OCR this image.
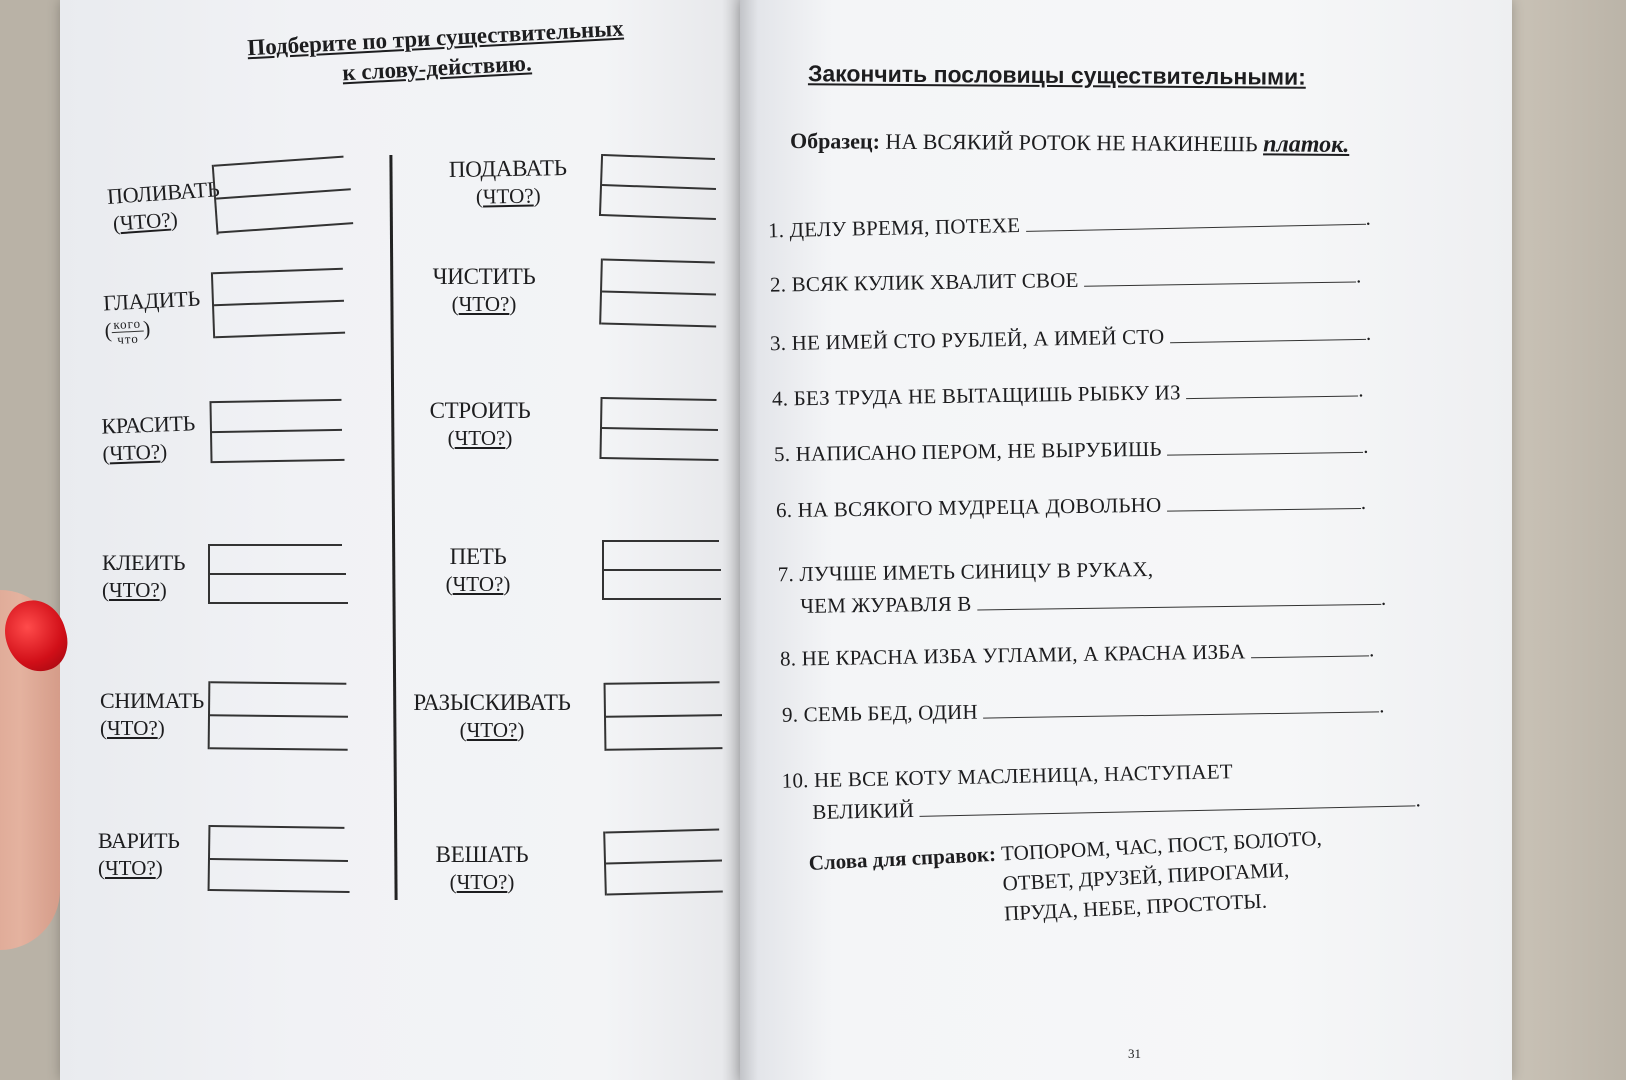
Подберите по три существительных
к слову-действию.
ПОЛИВАТЬ
(ЧТО?)
ГЛАДИТЬ
(
$\frac{\text{кого}}{\text{что}}$
)
КРАСИТЬ
(ЧТО?)
КЛЕИТЬ
(ЧТО?)
СНИМАТЬ
(ЧТО?)
ВАРИТЬ
(ЧТО?)
ПОДАВАТЬ
(ЧТО?)
ЧИСТИТЬ
(ЧТО?)
СТРОИТЬ
(ЧТО?)
ПЕТЬ
(ЧТО?)
РАЗЫСКИВАТЬ
(ЧТО?)
ВЕШАТЬ
(ЧТО?)
Закончить пословицы существительными:
Образец: НА ВСЯКИЙ РОТОК НЕ НАКИНЕШЬ платок.
1. ДЕЛУ ВРЕМЯ, ПОТЕХЕ	.
2. ВСЯК КУЛИК ХВАЛИТ СВОЕ	.
3. НЕ ИМЕЙ СТО РУБЛЕЙ, А ИМЕЙ СТО	.
4. БЕЗ ТРУДА НЕ ВЫТАЩИШЬ РЫБКУ ИЗ	.
5. НАПИСАНО ПЕРОМ, НЕ ВЫРУБИШЬ	.
6. НА ВСЯКОГО МУДРЕЦА ДОВОЛЬНО	.
7. ЛУЧШЕ ИМЕТЬ СИНИЦУ В РУКАХ,
ЧЕМ ЖУРАВЛЯ В	.
8. НЕ КРАСНА ИЗБА УГЛАМИ, А КРАСНА ИЗБА	.
9. СЕМЬ БЕД, ОДИН	.
10. НЕ ВСЕ КОТУ МАСЛЕНИЦА, НАСТУПАЕТ
ВЕЛИКИЙ	.
Слова для справок: ТОПОРОМ, ЧАС, ПОСТ, БОЛОТО,
ОТВЕТ, ДРУЗЕЙ, ПИРОГАМИ,
ПРУДА, НЕБЕ, ПРОСТОТЫ.
31
